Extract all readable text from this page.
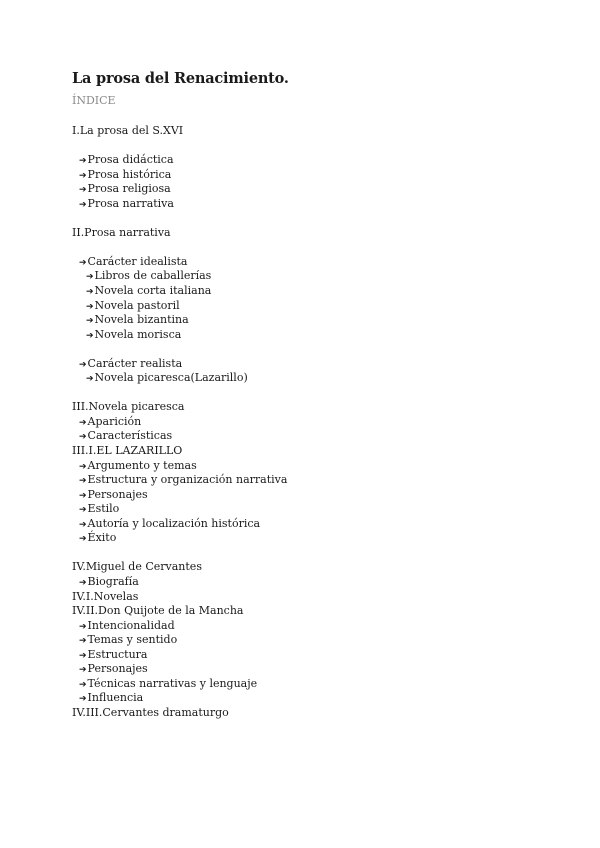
La prosa del Renacimiento.
ÍNDICE
I.La prosa del S.XVI
➔Prosa didáctica
➔Prosa histórica
➔Prosa religiosa
➔Prosa narrativa
II.Prosa narrativa
➔Carácter idealista
➔Libros de caballerías
➔Novela corta italiana
➔Novela pastoril
➔Novela bizantina
➔Novela morisca
➔Carácter realista
➔Novela picaresca(Lazarillo)
III.Novela picaresca
➔Aparición
➔Características
III.I.EL LAZARILLO
➔Argumento y temas
➔Estructura y organización narrativa
➔Personajes
➔Estilo
➔Autoría y localización histórica
➔Éxito
IV.Miguel de Cervantes
➔Biografía
IV.I.Novelas
IV.II.Don Quijote de la Mancha
➔Intencionalidad
➔Temas y sentido
➔Estructura
➔Personajes
➔Técnicas narrativas y lenguaje
➔Influencia
IV.III.Cervantes dramaturgo
